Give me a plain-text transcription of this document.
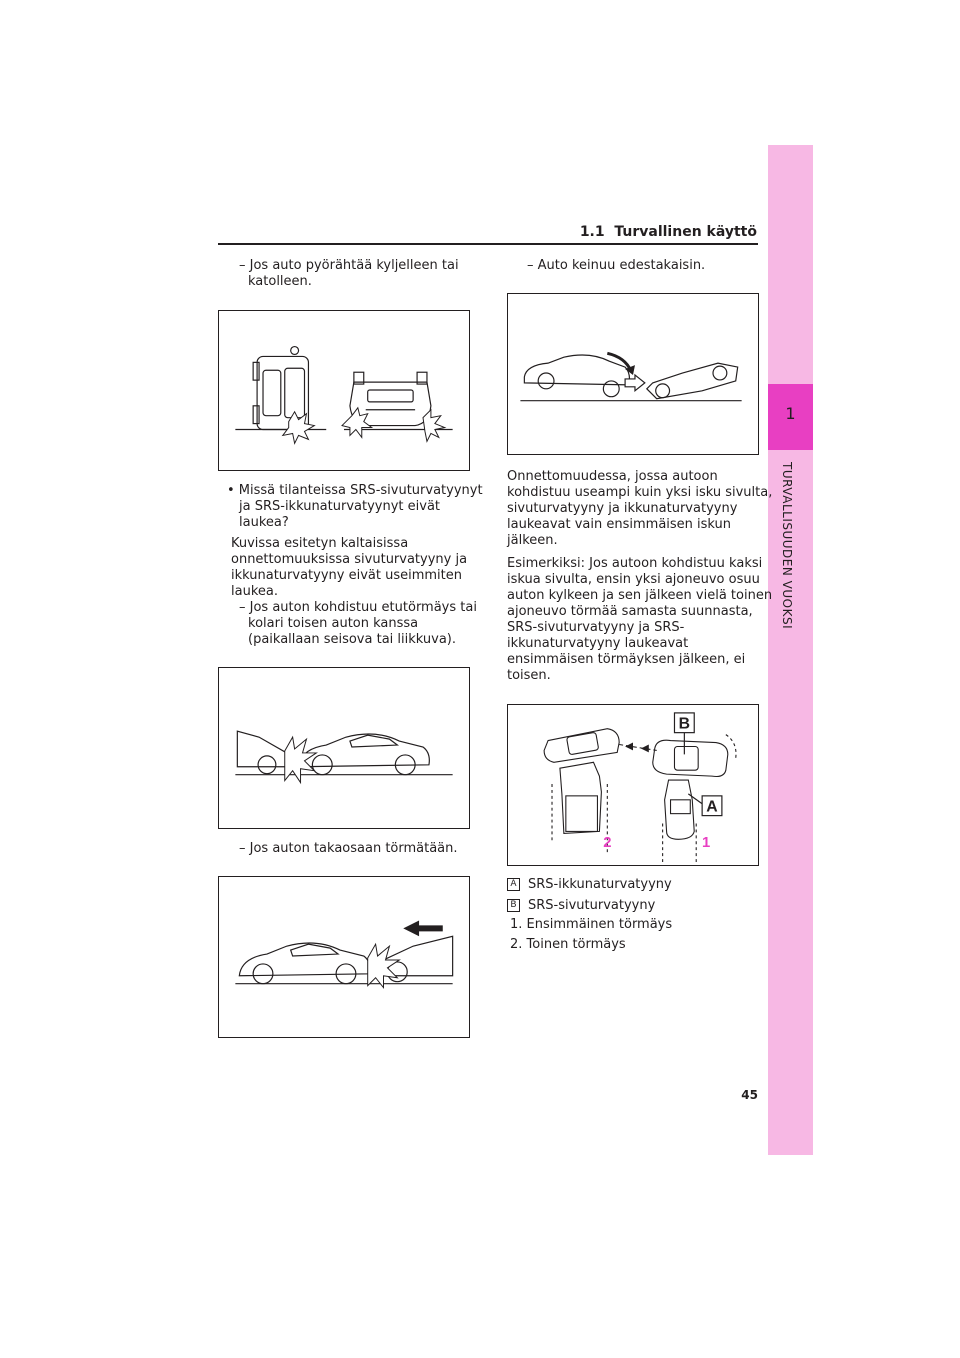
1.1 Turvallinen käyttö
1
TURVALLISUUDEN VUOKSI
– Jos auto pyörähtää kyljelleen tai
katolleen.
• Missä tilanteissa SRS-sivuturvatyynyt
ja SRS-ikkunaturvatyynyt eivät
laukea?
Kuvissa esitetyn kaltaisissa
onnettomuuksissa sivuturvatyyny ja
ikkunaturvatyyny eivät useimmiten
laukea.
– Jos auton kohdistuu etutörmäys tai
kolari toisen auton kanssa
(paikallaan seisova tai liikkuva).
– Jos auton takaosaan törmätään.
– Auto keinuu edestakaisin.
Onnettomuudessa, jossa autoon
kohdistuu useampi kuin yksi isku sivulta,
sivuturvatyyny ja ikkunaturvatyyny
laukeavat vain ensimmäisen iskun
jälkeen.
Esimerkiksi: Jos autoon kohdistuu kaksi
iskua sivulta, ensin yksi ajoneuvo osuu
auton kylkeen ja sen jälkeen vielä toinen
ajoneuvo törmää samasta suunnasta,
SRS-sivuturvatyyny ja SRS-
ikkunaturvatyyny laukeavat
ensimmäisen törmäyksen jälkeen, ei
toisen.
B
A
2	1
A SRS-ikkunaturvatyyny
B SRS-sivuturvatyyny
1. Ensimmäinen törmäys
2. Toinen törmäys
45
